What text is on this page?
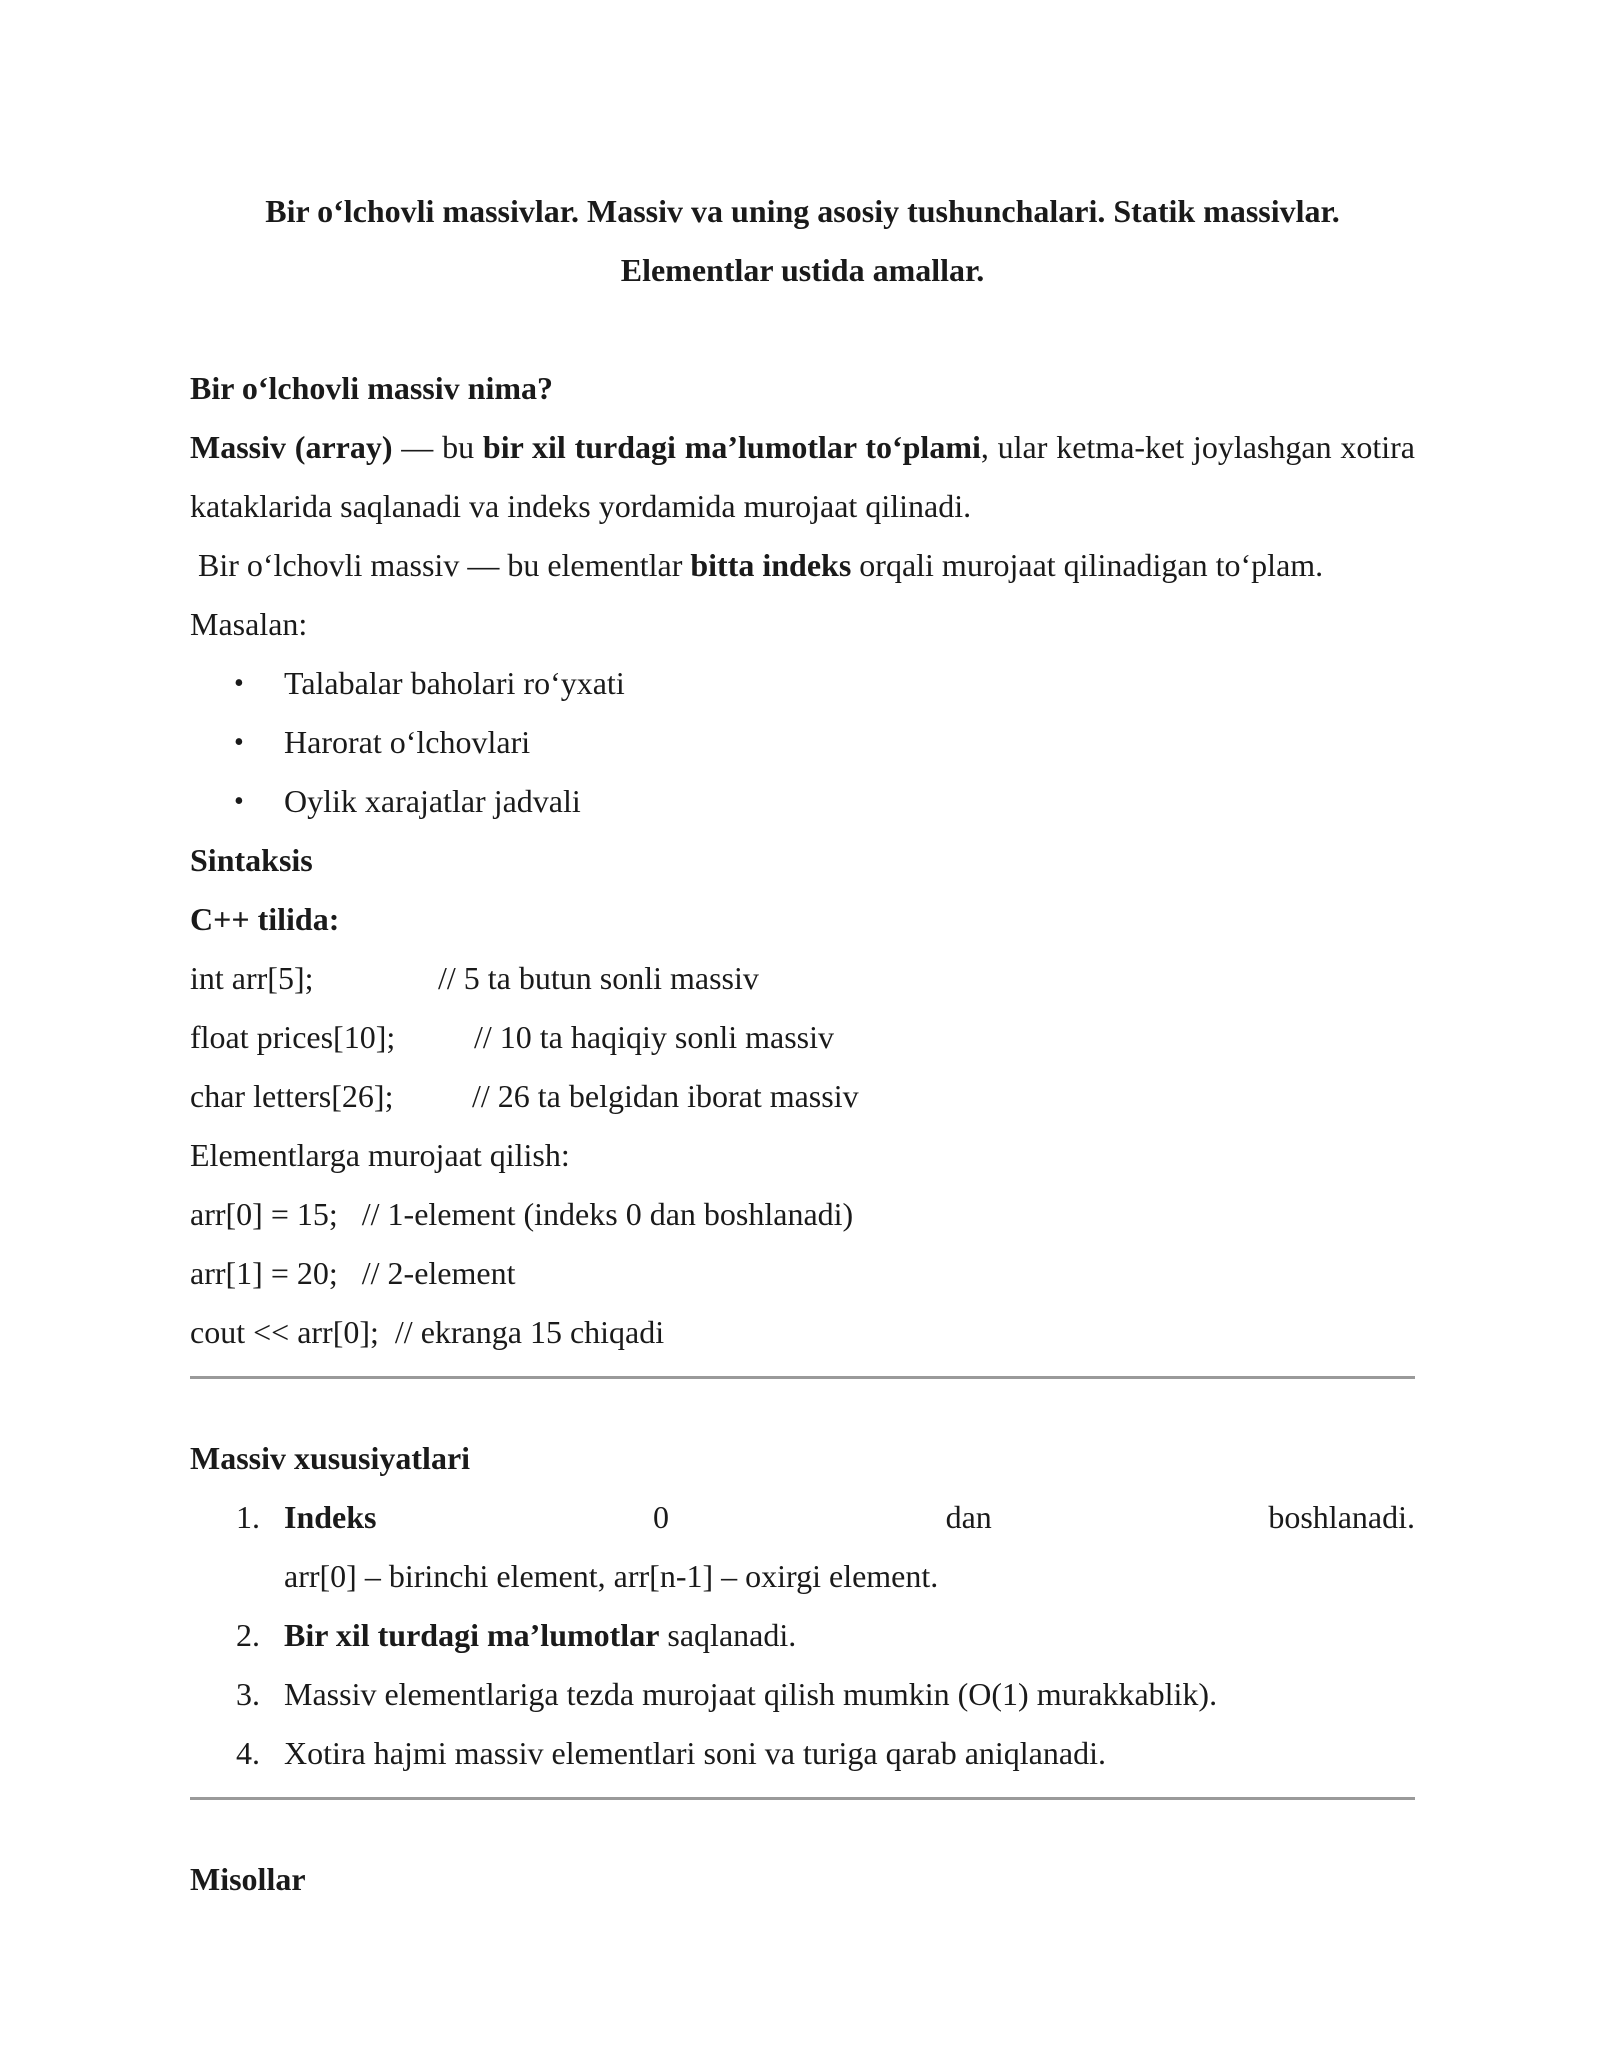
Bir o‘lchovli massivlar. Massiv va uning asosiy tushunchalari. Statik massivlar.

Elementlar ustida amallar.

Bir o‘lchovli massiv nima?

Massiv (array) — bu bir xil turdagi ma’lumotlar to‘plami, ular ketma-ket joylashgan xotira kataklarida saqlanadi va indeks yordamida murojaat qilinadi.

Bir o‘lchovli massiv — bu elementlar bitta indeks orqali murojaat qilinadigan to‘plam.

Masalan:

• Talabalar baholari ro‘yxati
• Harorat o‘lchovlari
• Oylik xarajatlar jadvali

Sintaksis

C++ tilida:

int arr[5];	// 5 ta butun sonli massiv
float prices[10]; // 10 ta haqiqiy sonli massiv
char letters[26]; // 26 ta belgidan iborat massiv

Elementlarga murojaat qilish:

arr[0] = 15;   // 1-element (indeks 0 dan boshlanadi)

arr[1] = 20;   // 2-element

cout << arr[0];  // ekranga 15 chiqadi

Massiv xususiyatlari

1. Indeks	0	dan	boshlanadi.
arr[0] – birinchi element, arr[n-1] – oxirgi element.
2. Bir xil turdagi ma’lumotlar saqlanadi.
3. Massiv elementlariga tezda murojaat qilish mumkin (O(1) murakkablik).
4. Xotira hajmi massiv elementlari soni va turiga qarab aniqlanadi.

Misollar
